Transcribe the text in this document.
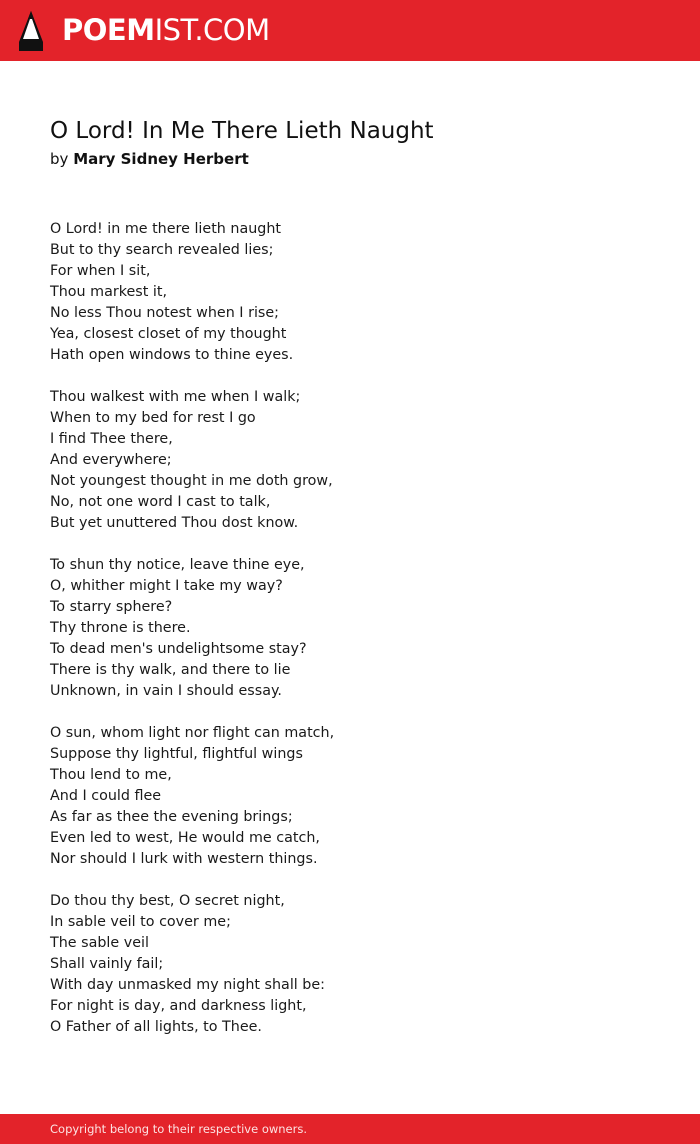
POEMIST.COM
O Lord! In Me There Lieth Naught
by Mary Sidney Herbert
O Lord! in me there lieth naught
But to thy search revealed lies;
For when I sit,
Thou markest it,
No less Thou notest when I rise;
Yea, closest closet of my thought
Hath open windows to thine eyes.
Thou walkest with me when I walk;
When to my bed for rest I go
I find Thee there,
And everywhere;
Not youngest thought in me doth grow,
No, not one word I cast to talk,
But yet unuttered Thou dost know.
To shun thy notice, leave thine eye,
O, whither might I take my way?
To starry sphere?
Thy throne is there.
To dead men's undelightsome stay?
There is thy walk, and there to lie
Unknown, in vain I should essay.
O sun, whom light nor flight can match,
Suppose thy lightful, flightful wings
Thou lend to me,
And I could flee
As far as thee the evening brings;
Even led to west, He would me catch,
Nor should I lurk with western things.
Do thou thy best, O secret night,
In sable veil to cover me;
The sable veil
Shall vainly fail;
With day unmasked my night shall be:
For night is day, and darkness light,
O Father of all lights, to Thee.
Copyright belong to their respective owners.
